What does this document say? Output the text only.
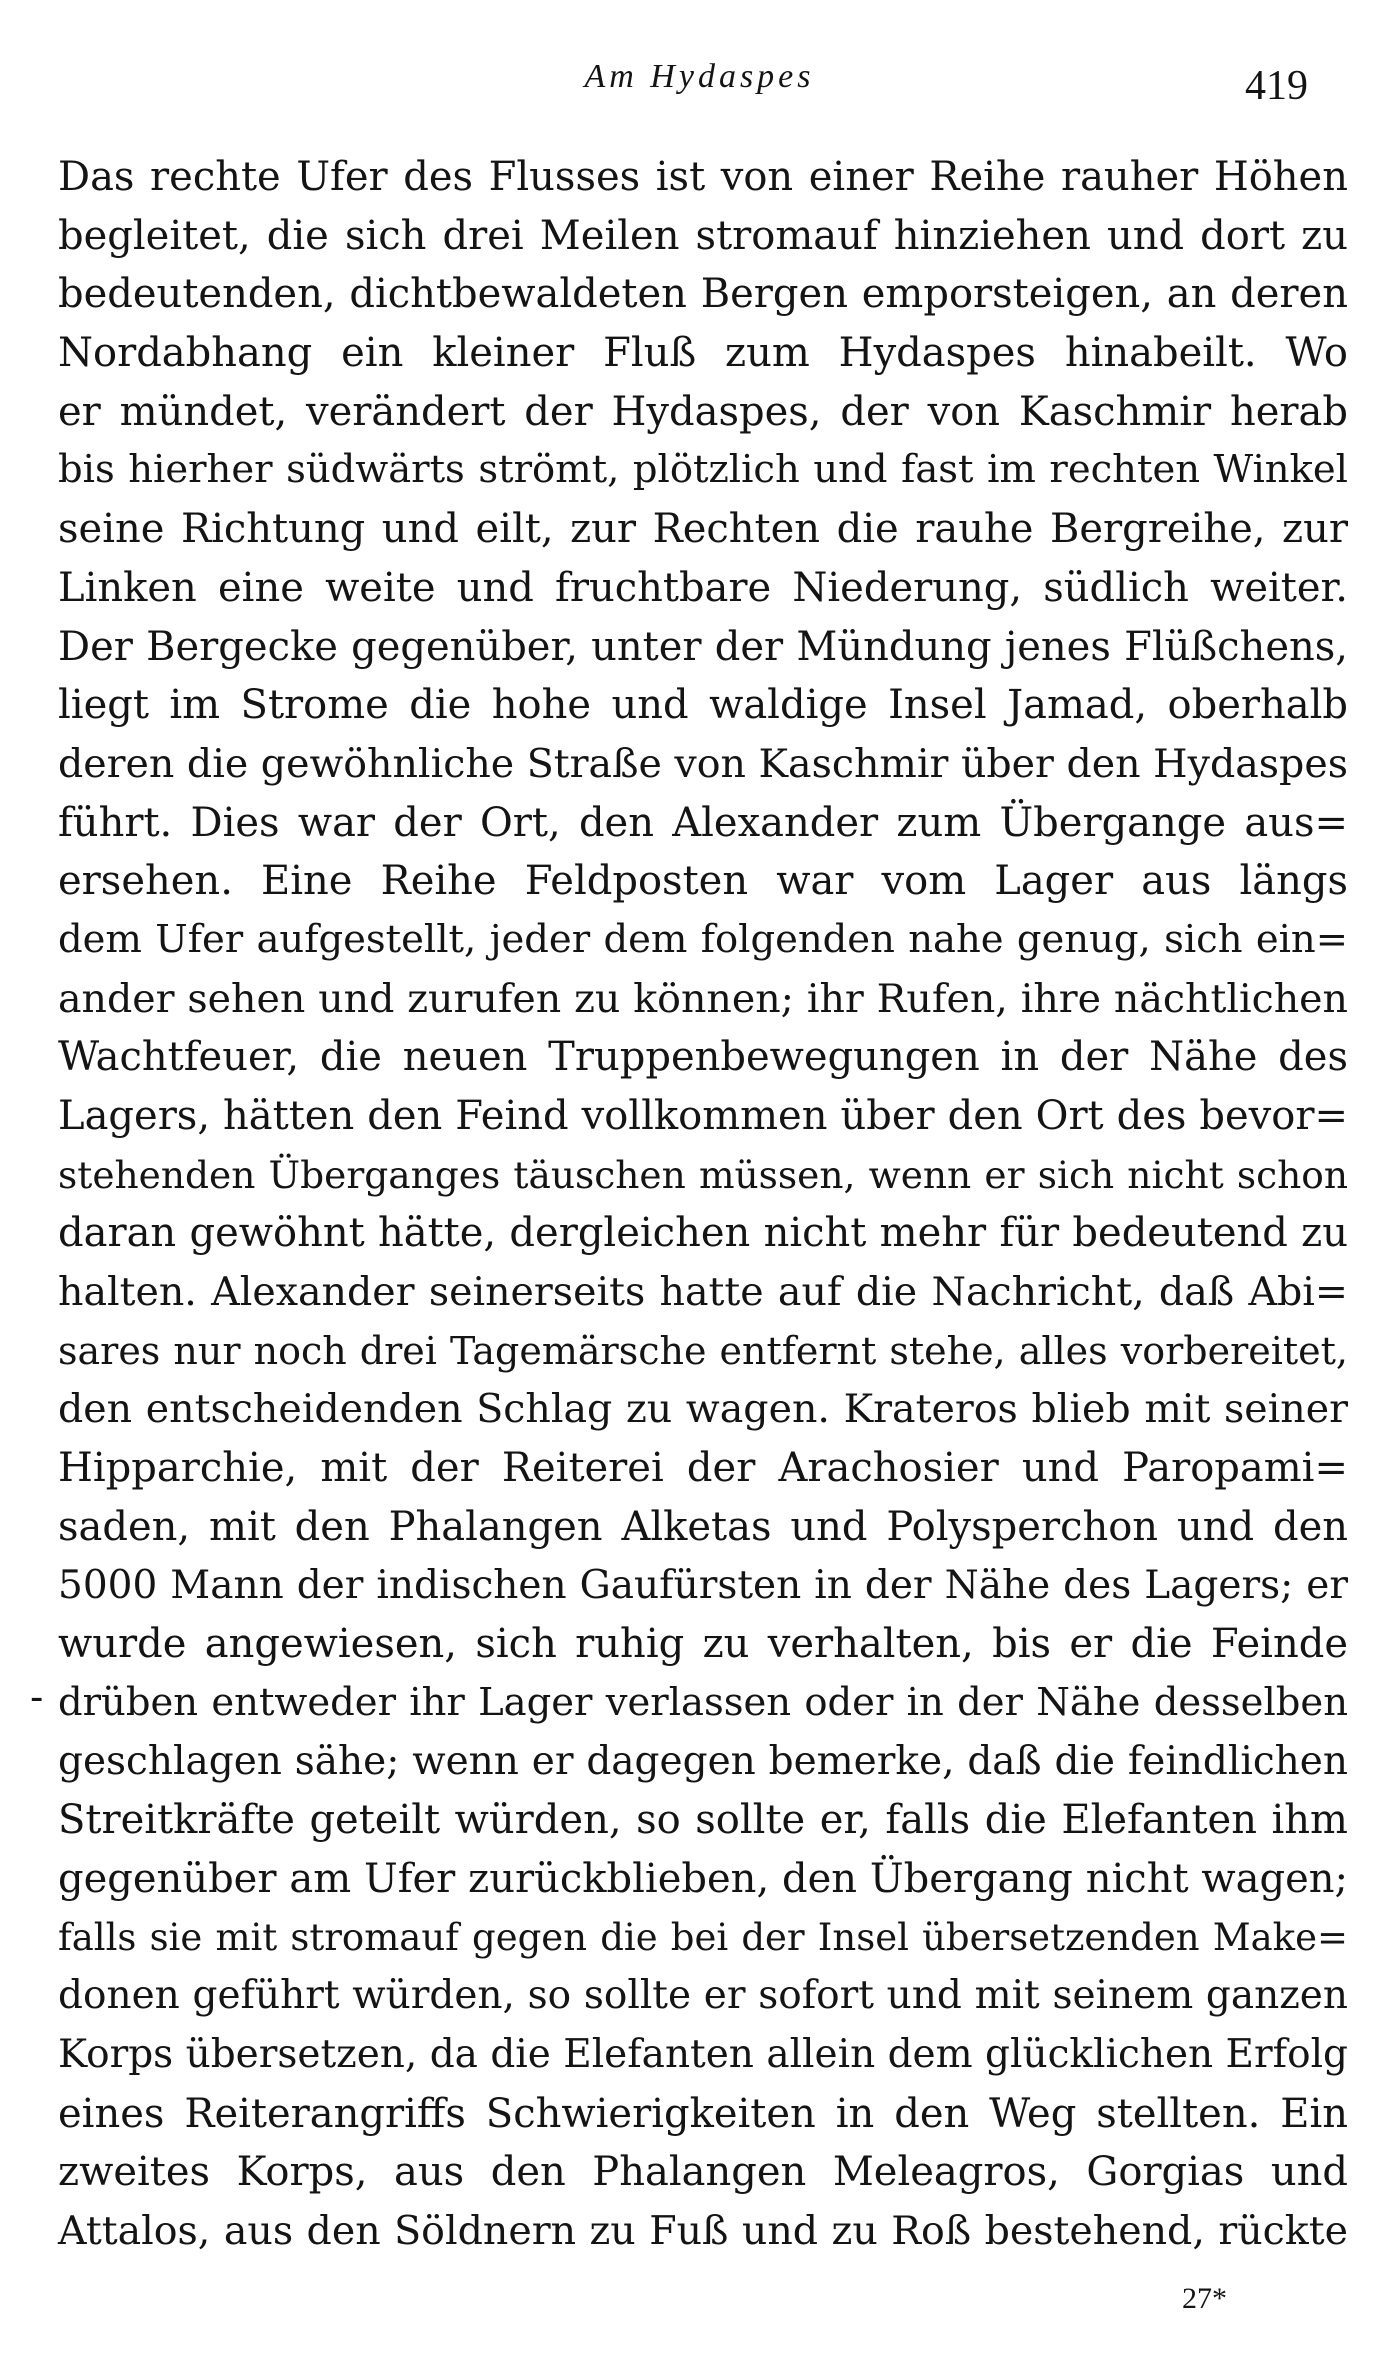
Am Hydaspes	419
-
Das rechte Ufer des Flusses ist von einer Reihe rauher Höhen
begleitet, die sich drei Meilen stromauf hinziehen und dort zu
bedeutenden, dichtbewaldeten Bergen emporsteigen, an deren
Nordabhang ein kleiner Fluß zum Hydaspes hinabeilt. Wo
er mündet, verändert der Hydaspes, der von Kaschmir herab
bis hierher südwärts strömt, plötzlich und fast im rechten Winkel
seine Richtung und eilt, zur Rechten die rauhe Bergreihe, zur
Linken eine weite und fruchtbare Niederung, südlich weiter.
Der Bergecke gegenüber, unter der Mündung jenes Flüßchens,
liegt im Strome die hohe und waldige Insel Jamad, oberhalb
deren die gewöhnliche Straße von Kaschmir über den Hydaspes
führt. Dies war der Ort, den Alexander zum Übergange aus=
ersehen. Eine Reihe Feldposten war vom Lager aus längs
dem Ufer aufgestellt, jeder dem folgenden nahe genug, sich ein=
ander sehen und zurufen zu können; ihr Rufen, ihre nächtlichen
Wachtfeuer, die neuen Truppenbewegungen in der Nähe des
Lagers, hätten den Feind vollkommen über den Ort des bevor=
stehenden Überganges täuschen müssen, wenn er sich nicht schon
daran gewöhnt hätte, dergleichen nicht mehr für bedeutend zu
halten. Alexander seinerseits hatte auf die Nachricht, daß Abi=
sares nur noch drei Tagemärsche entfernt stehe, alles vorbereitet,
den entscheidenden Schlag zu wagen. Krateros blieb mit seiner
Hipparchie, mit der Reiterei der Arachosier und Paropami=
saden, mit den Phalangen Alketas und Polysperchon und den
5000 Mann der indischen Gaufürsten in der Nähe des Lagers; er
wurde angewiesen, sich ruhig zu verhalten, bis er die Feinde
drüben entweder ihr Lager verlassen oder in der Nähe desselben
geschlagen sähe; wenn er dagegen bemerke, daß die feindlichen
Streitkräfte geteilt würden, so sollte er, falls die Elefanten ihm
gegenüber am Ufer zurückblieben, den Übergang nicht wagen;
falls sie mit stromauf gegen die bei der Insel übersetzenden Make=
donen geführt würden, so sollte er sofort und mit seinem ganzen
Korps übersetzen, da die Elefanten allein dem glücklichen Erfolg
eines Reiterangriffs Schwierigkeiten in den Weg stellten. Ein
zweites Korps, aus den Phalangen Meleagros, Gorgias und
Attalos, aus den Söldnern zu Fuß und zu Roß bestehend, rückte
27*
